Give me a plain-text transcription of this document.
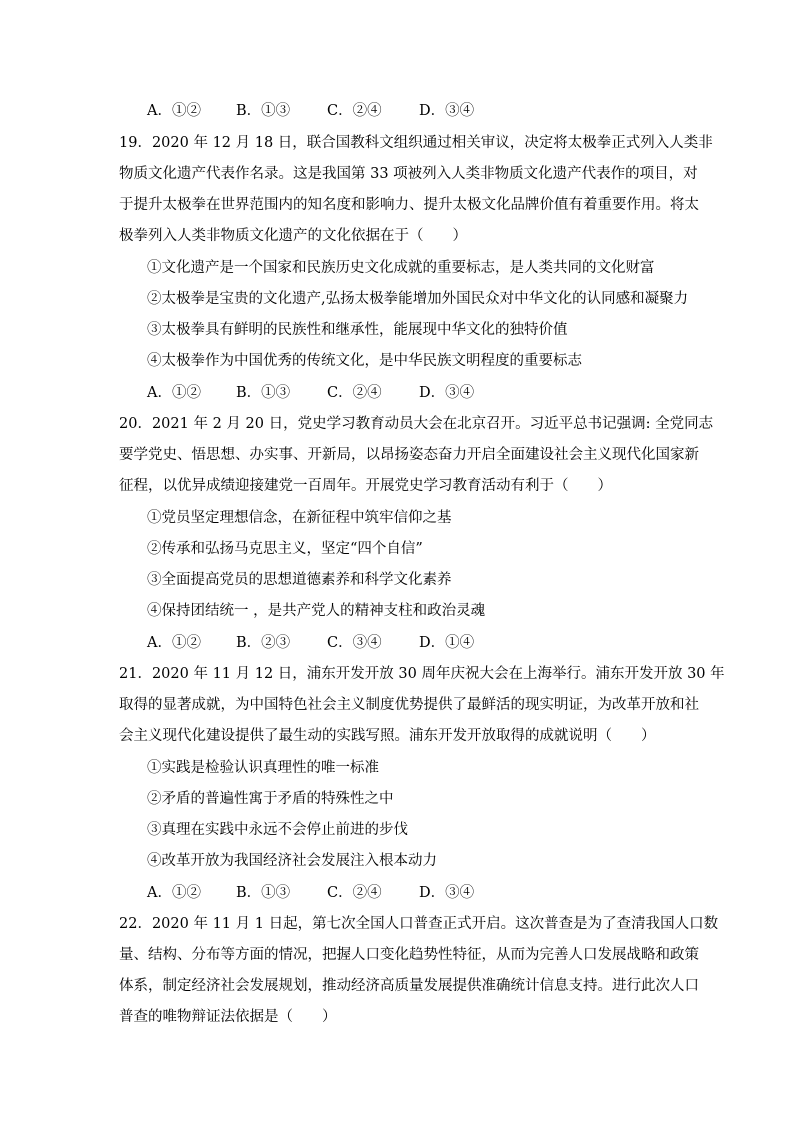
A．①② B．①③	C．②④	D．③④
19．2020 年 12 月 18 日，联合国教科文组织通过相关审议，决定将太极拳正式列入人类非
物质文化遗产代表作名录。这是我国第 33 项被列入人类非物质文化遗产代表作的项目，对
于提升太极拳在世界范围内的知名度和影响力、提升太极文化品牌价值有着重要作用。将太
极拳列入人类非物质文化遗产的文化依据在于（　　）
①文化遗产是一个国家和民族历史文化成就的重要标志，是人类共同的文化财富
②太极拳是宝贵的文化遗产,弘扬太极拳能增加外国民众对中华文化的认同感和凝聚力
③太极拳具有鲜明的民族性和继承性，能展现中华文化的独特价值
④太极拳作为中国优秀的传统文化，是中华民族文明程度的重要标志
A．①② B．①③	C．②④	D．③④
20．2021 年 2 月 20 日，党史学习教育动员大会在北京召开。习近平总书记强调: 全党同志
要学党史、悟思想、办实事、开新局，以昂扬姿态奋力开启全面建设社会主义现代化国家新
征程，以优异成绩迎接建党一百周年。开展党史学习教育活动有利于（　　）
①党员坚定理想信念，在新征程中筑牢信仰之基
②传承和弘扬马克思主义，坚定“四个自信”
③全面提高党员的思想道德素养和科学文化素养
④保持团结统一 ，是共产党人的精神支柱和政治灵魂
A．①② B．②③	C．③④	D．①④
21．2020 年 11 月 12 日，浦东开发开放 30 周年庆祝大会在上海举行。浦东开发开放 30 年
取得的显著成就，为中国特色社会主义制度优势提供了最鲜活的现实明证，为改革开放和社
会主义现代化建设提供了最生动的实践写照。浦东开发开放取得的成就说明（　　）
①实践是检验认识真理性的唯一标准
②矛盾的普遍性寓于矛盾的特殊性之中
③真理在实践中永远不会停止前进的步伐
④改革开放为我国经济社会发展注入根本动力
A．①② B．①③	C．②④	D．③④
22．2020 年 11 月 1 日起，第七次全国人口普查正式开启。这次普查是为了查清我国人口数
量、结构、分布等方面的情况，把握人口变化趋势性特征，从而为完善人口发展战略和政策
体系，制定经济社会发展规划，推动经济高质量发展提供准确统计信息支持。进行此次人口
普查的唯物辩证法依据是（　　）
